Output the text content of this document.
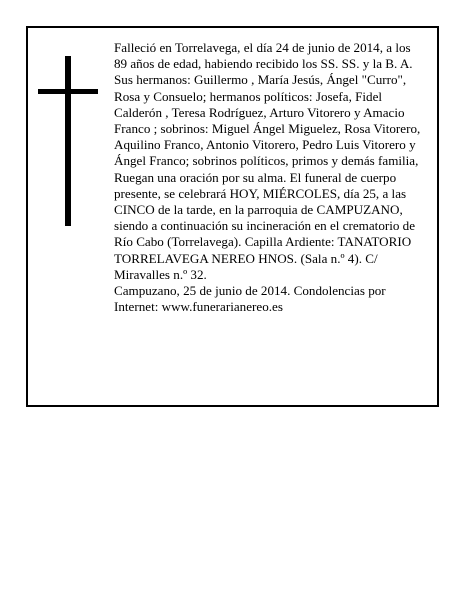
Falleció en Torrelavega, el día 24 de junio de 2014, a los 89 años de edad, habiendo recibido los SS. SS. y la B. A.

Sus hermanos: Guillermo , María Jesús, Ángel "Curro", Rosa y Consuelo; hermanos políticos: Josefa, Fidel Calderón , Teresa Rodríguez, Arturo Vitorero y Amacio Franco ; sobrinos: Miguel Ángel Miguelez, Rosa Vitorero, Aquilino Franco, Antonio Vitorero, Pedro Luis Vitorero y Ángel Franco; sobrinos políticos, primos y demás familia,

Ruegan una oración por su alma. El funeral de cuerpo presente, se celebrará HOY, MIÉRCOLES, día 25, a las CINCO de la tarde, en la parroquia de CAMPUZANO, siendo a continuación su incineración en el crematorio de Río Cabo (Torrelavega). Capilla Ardiente: TANATORIO TORRELAVEGA NEREO HNOS. (Sala n.º 4). C/ Miravalles n.º 32.

Campuzano, 25 de junio de 2014. Condolencias por Internet: www.funerarianereo.es
